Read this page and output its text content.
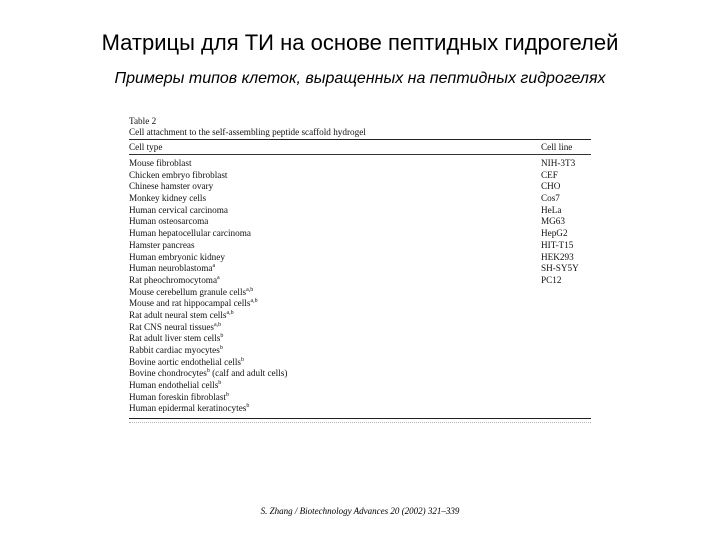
Матрицы для ТИ на основе пептидных гидрогелей
Примеры типов клеток, выращенных на пептидных гидрогелях
Table 2
Cell attachment to the self-assembling peptide scaffold hydrogel
Cell type	Cell line
Mouse fibroblast	NIH-3T3
Chicken embryo fibroblast	CEF
Chinese hamster ovary	CHO
Monkey kidney cells	Cos7
Human cervical carcinoma	HeLa
Human osteosarcoma	MG63
Human hepatocellular carcinoma	HepG2
Hamster pancreas	HIT-T15
Human embryonic kidney	HEK293
Human neuroblastoma$^a$	SH-SY5Y
Rat pheochromocytoma$^a$	PC12
Mouse cerebellum granule cells$^{a,b}$
Mouse and rat hippocampal cells$^{a,b}$
Rat adult neural stem cells$^{a,b}$
Rat CNS neural tissues$^{a,b}$
Rat adult liver stem cells$^b$
Rabbit cardiac myocytes$^b$
Bovine aortic endothelial cells$^b$
Bovine chondrocytes$^b$ (calf and adult cells)
Human endothelial cells$^b$
Human foreskin fibroblast$^b$
Human epidermal keratinocytes$^b$
S. Zhang / Biotechnology Advances 20 (2002) 321–339
